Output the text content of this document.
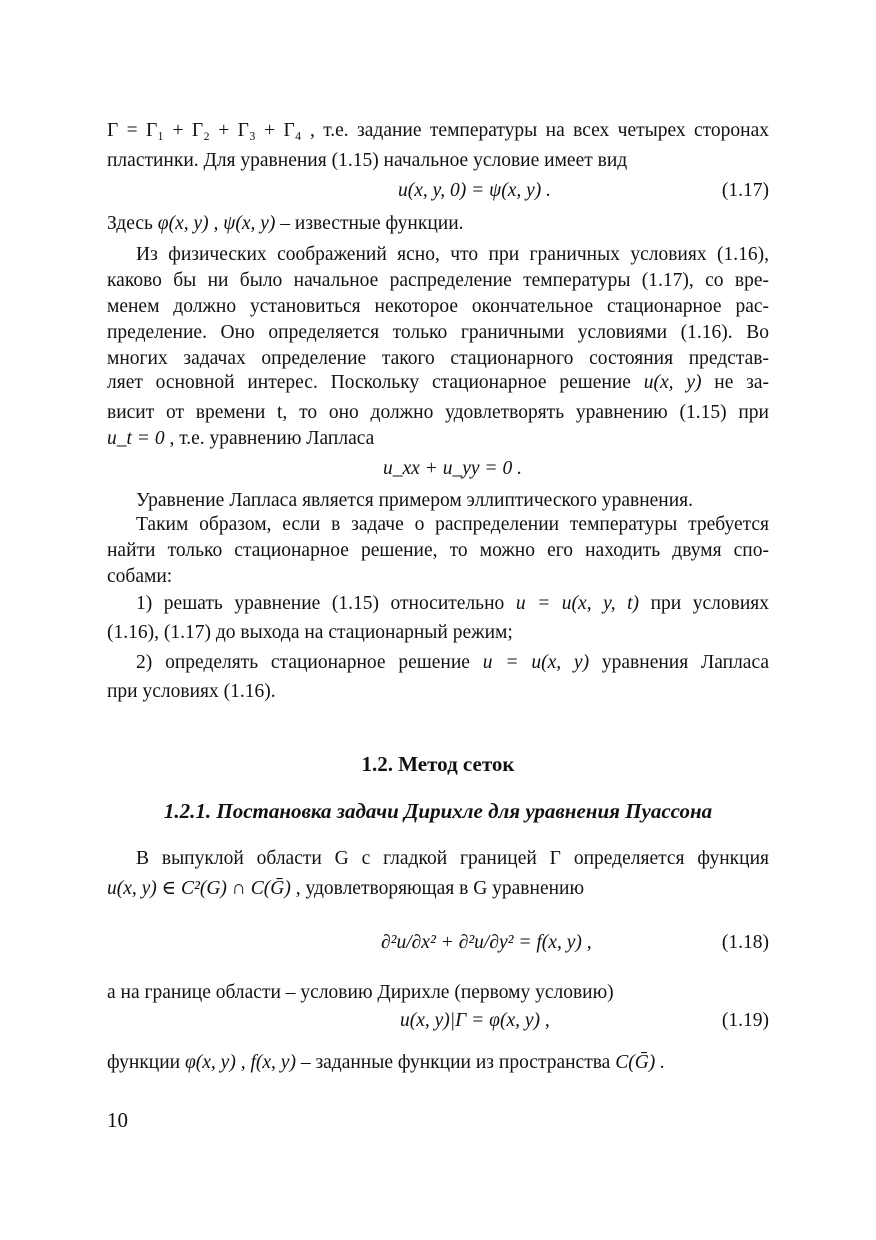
Γ = Γ₁ + Γ₂ + Γ₃ + Γ₄ , т.е. задание температуры на всех четырех сторонах
пластинки. Для уравнения (1.15) начальное условие имеет вид
u(x, y, 0) = ψ(x, y) .	(1.17)
Здесь φ(x, y) , ψ(x, y) – известные функции.
Из физических соображений ясно, что при граничных условиях (1.16),
каково бы ни было начальное распределение температуры (1.17), со вре-
менем должно установиться некоторое окончательное стационарное рас-
пределение. Оно определяется только граничными условиями (1.16). Во
многих задачах определение такого стационарного состояния представ-
ляет основной интерес. Поскольку стационарное решение u(x, y) не за-
висит от времени t, то оно должно удовлетворять уравнению (1.15) при
u_t = 0 , т.е. уравнению Лапласа
u_xx + u_yy = 0 .
Уравнение Лапласа является примером эллиптического уравнения.
Таким образом, если в задаче о распределении температуры требуется
найти только стационарное решение, то можно его находить двумя спо-
собами:
1) решать уравнение (1.15) относительно u = u(x, y, t) при условиях
(1.16), (1.17) до выхода на стационарный режим;
2) определять стационарное решение u = u(x, y) уравнения Лапласа
при условиях (1.16).
1.2. Метод сеток
1.2.1. Постановка задачи Дирихле для уравнения Пуассона
В выпуклой области G с гладкой границей Γ определяется функция
u(x, y) ∈ C²(G) ∩ C(Ḡ) , удовлетворяющая в G уравнению
∂²u/∂x² + ∂²u/∂y² = f(x, y) ,	(1.18)
а на границе области – условию Дирихле (первому условию)
u(x, y)|Γ = φ(x, y) ,	(1.19)
функции φ(x, y) , f(x, y) – заданные функции из пространства C(Ḡ) .
10
